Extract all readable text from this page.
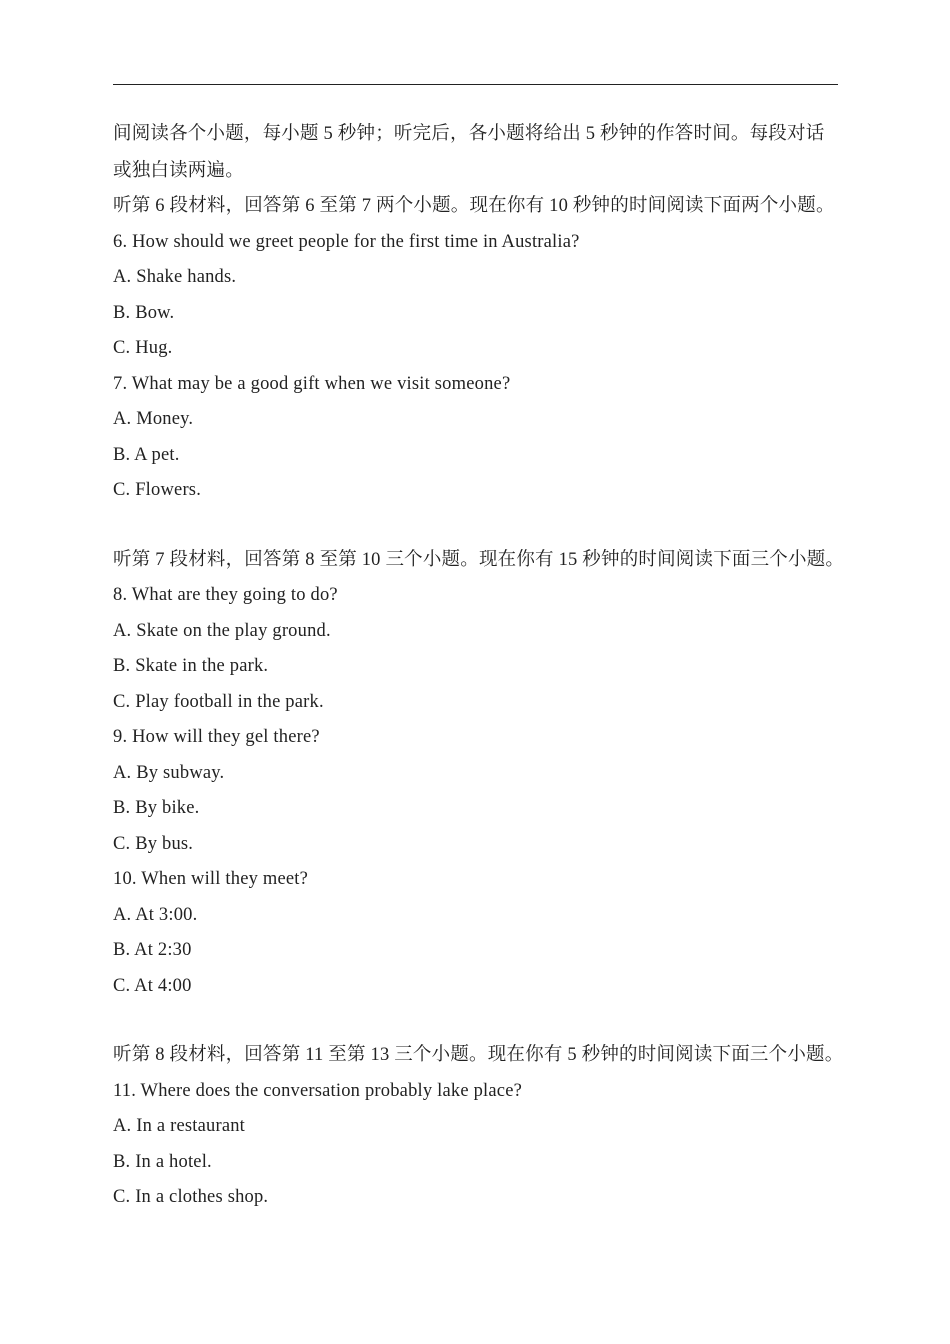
间阅读各个小题，每小题 5 秒钟；听完后，各小题将给出 5 秒钟的作答时间。每段对话
或独白读两遍。
听第 6 段材料，回答第 6 至第 7 两个小题。现在你有 10 秒钟的时间阅读下面两个小题。
6. How should we greet people for the first time in Australia?
A. Shake hands.
B. Bow.
C. Hug.
7. What may be a good gift when we visit someone?
A. Money.
B. A pet.
C. Flowers.
听第 7 段材料，回答第 8 至第 10 三个小题。现在你有 15 秒钟的时间阅读下面三个小题。
8. What are they going to do?
A. Skate on the play ground.
B. Skate in the park.
C. Play football in the park.
9. How will they gel there?
A. By subway.
B. By bike.
C. By bus.
10. When will they meet?
A. At 3:00.
B. At 2:30
C. At 4:00
听第 8 段材料，回答第 11 至第 13 三个小题。现在你有 5 秒钟的时间阅读下面三个小题。
11. Where does the conversation probably lake place?
A. In a restaurant
B. In a hotel.
C. In a clothes shop.
